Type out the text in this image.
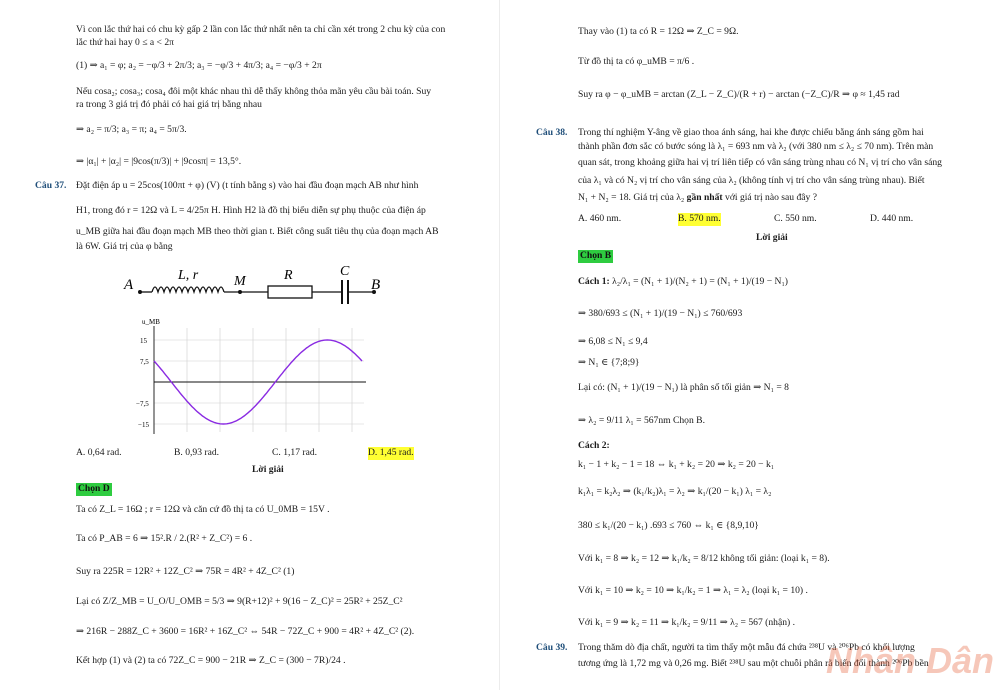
Vì con lắc thứ hai có chu kỳ gấp 2 lần con lắc thứ nhất nên ta chỉ cần xét trong 2 chu kỳ của con
lắc thứ hai hay 0 ≤ a < 2π
(1) ⇒ a₁ = φ; a₂ = −φ/3 + 2π/3; a₃ = −φ/3 + 4π/3; a₄ = −φ/3 + 2π
Nếu cosa₂; cosa₃; cosa₄ đôi một khác nhau thì dễ thấy không thỏa mãn yêu cầu bài toán. Suy
ra trong 3 giá trị đó phải có hai giá trị bằng nhau
⇒ a₂ = π/3; a₃ = π; a₄ = 5π/3.
⇒ |α₁| + |α₂| = |9cos(π/3)| + |9cosπ| = 13,5°.
Câu 37. Đặt điện áp u = 25cos(100πt + φ) (V) (t tính bằng s) vào hai đầu đoạn mạch AB như hình
H1, trong đó r = 12Ω và L = 4/25π H. Hình H2 là đồ thị biểu diễn sự phụ thuộc của điện áp
u_MB giữa hai đầu đoạn mạch MB theo thời gian t. Biết công suất tiêu thụ của đoạn mạch AB
là 6W. Giá trị của φ bằng
A
L, r	M	R	C
B
u_MB
15
7,5
−7,5
−15
A. 0,64 rad.	B. 0,93 rad.	C. 1,17 rad.	D. 1,45 rad.
Lời giải
Chọn D
Ta có Z_L = 16Ω ; r = 12Ω và căn cứ đồ thị ta có U_0MB = 15V .
Ta có P_AB = 6 ⇒ 15².R / 2.(R² + Z_C²) = 6 .
Suy ra 225R = 12R² + 12Z_C² ⇒ 75R = 4R² + 4Z_C² (1)
Lại có Z/Z_MB = U_O/U_OMB = 5/3 ⇒ 9(R+12)² + 9(16 − Z_C)² = 25R² + 25Z_C²
⇒ 216R − 288Z_C + 3600 = 16R² + 16Z_C² ⇔ 54R − 72Z_C + 900 = 4R² + 4Z_C² (2).
Kết hợp (1) và (2) ta có 72Z_C = 900 − 21R ⇒ Z_C = (300 − 7R)/24 .
Thay vào (1) ta có R = 12Ω ⇒ Z_C = 9Ω.
Từ đồ thị ta có φ_uMB = π/6 .
Suy ra φ − φ_uMB = arctan (Z_L − Z_C)/(R + r) − arctan (−Z_C)/R ⇒ φ ≈ 1,45 rad
Câu 38. Trong thí nghiệm Y-âng về giao thoa ánh sáng, hai khe được chiếu bằng ánh sáng gồm hai
thành phần đơn sắc có bước sóng là λ₁ = 693 nm và λ₂ (với 380 nm ≤ λ₂ ≤ 70 nm). Trên màn
quan sát, trong khoảng giữa hai vị trí liên tiếp có vân sáng trùng nhau có N₁ vị trí cho vân sáng
của λ₁ và có N₂ vị trí cho vân sáng của λ₂ (không tính vị trí cho vân sáng trùng nhau). Biết
N₁ + N₂ = 18. Giá trị của λ₂ gần nhất với giá trị nào sau đây ?
A. 460 nm.	B. 570 nm.	C. 550 nm.	D. 440 nm.
Lời giải
Chọn B
Cách 1: λ₂/λ₁ = (N₁ + 1)/(N₂ + 1) = (N₁ + 1)/(19 − N₁)
⇒ 380/693 ≤ (N₁ + 1)/(19 − N₁) ≤ 760/693
⇒ 6,08 ≤ N₁ ≤ 9,4
⇒ N₁ ∈ {7;8;9}
Lại có: (N₁ + 1)/(19 − N₁) là phân số tối giản ⇒ N₁ = 8
⇒ λ₂ = 9/11 λ₁ = 567nm Chọn B.
Cách 2:
k₁ − 1 + k₂ − 1 = 18 ⇔ k₁ + k₂ = 20 ⇒ k₂ = 20 − k₁
k₁λ₁ = k₂λ₂ ⇒ (k₁/k₂)λ₁ = λ₂ ⇒ k₁/(20 − k₁) λ₁ = λ₂
380 ≤ k₁/(20 − k₁) .693 ≤ 760 ⇔ k₁ ∈ {8,9,10}
Với k₁ = 8 ⇒ k₂ = 12 ⇒ k₁/k₂ = 8/12 không tối giản: (loại k₁ = 8).
Với k₁ = 10 ⇒ k₂ = 10 ⇒ k₁/k₂ = 1 ⇒ λ₁ = λ₂ (loại k₁ = 10) .
Với k₁ = 9 ⇒ k₂ = 11 ⇒ k₁/k₂ = 9/11 ⇒ λ₂ = 567 (nhận) .
Câu 39. Trong thăm dò địa chất, người ta tìm thấy một mẫu đá chứa ²³⁸U và ²⁰⁶Pb có khối lượng
tương ứng là 1,72 mg và 0,26 mg. Biết ²³⁸U sau một chuỗi phân rã biến đổi thành ²⁰⁶Pb bền
Nhân Dân
